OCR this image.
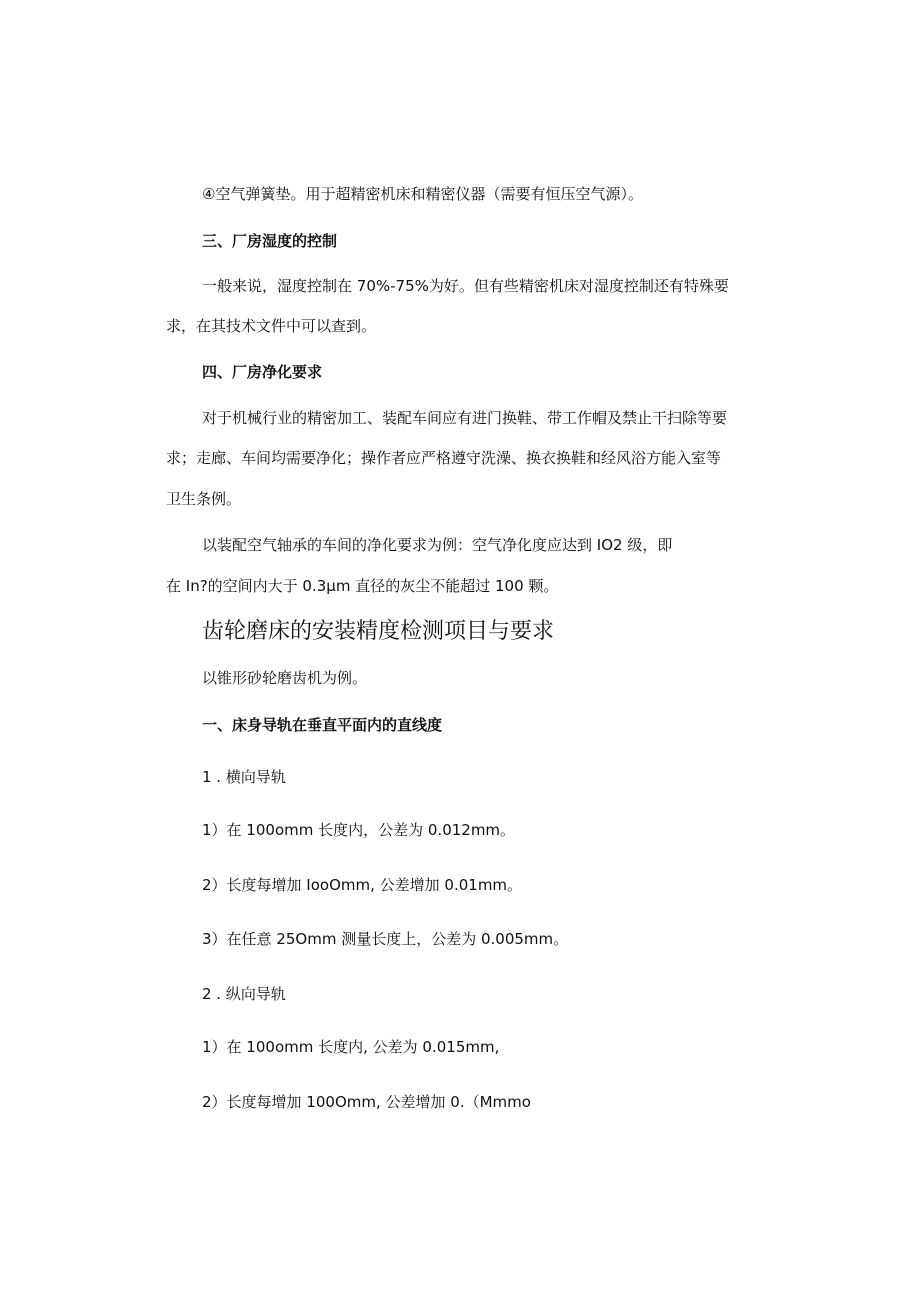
④空气弹簧垫。用于超精密机床和精密仪器（需要有恒压空气源）。
三、厂房湿度的控制
一般来说，湿度控制在 70%-75%为好。但有些精密机床对湿度控制还有特殊要
求，在其技术文件中可以查到。
四、厂房净化要求
对于机械行业的精密加工、装配车间应有进门换鞋、带工作帽及禁止干扫除等要
求；走廊、车间均需要净化；操作者应严格遵守洗澡、换衣换鞋和经风浴方能入室等
卫生条例。
以装配空气轴承的车间的净化要求为例：空气净化度应达到 IO2 级，即
在 In?的空间内大于 0.3μm 直径的灰尘不能超过 100 颗。
齿轮磨床的安装精度检测项目与要求
以锥形砂轮磨齿机为例。
一、床身导轨在垂直平面内的直线度
1 . 横向导轨
1）在 100omm 长度内，公差为 0.012mm。
2）长度每增加 IooOmm, 公差增加 0.01mm。
3）在任意 25Omm 测量长度上，公差为 0.005mm。
2 . 纵向导轨
1）在 100omm 长度内, 公差为 0.015mm,
2）长度每增加 100Omm, 公差增加 0.（Mmmo
